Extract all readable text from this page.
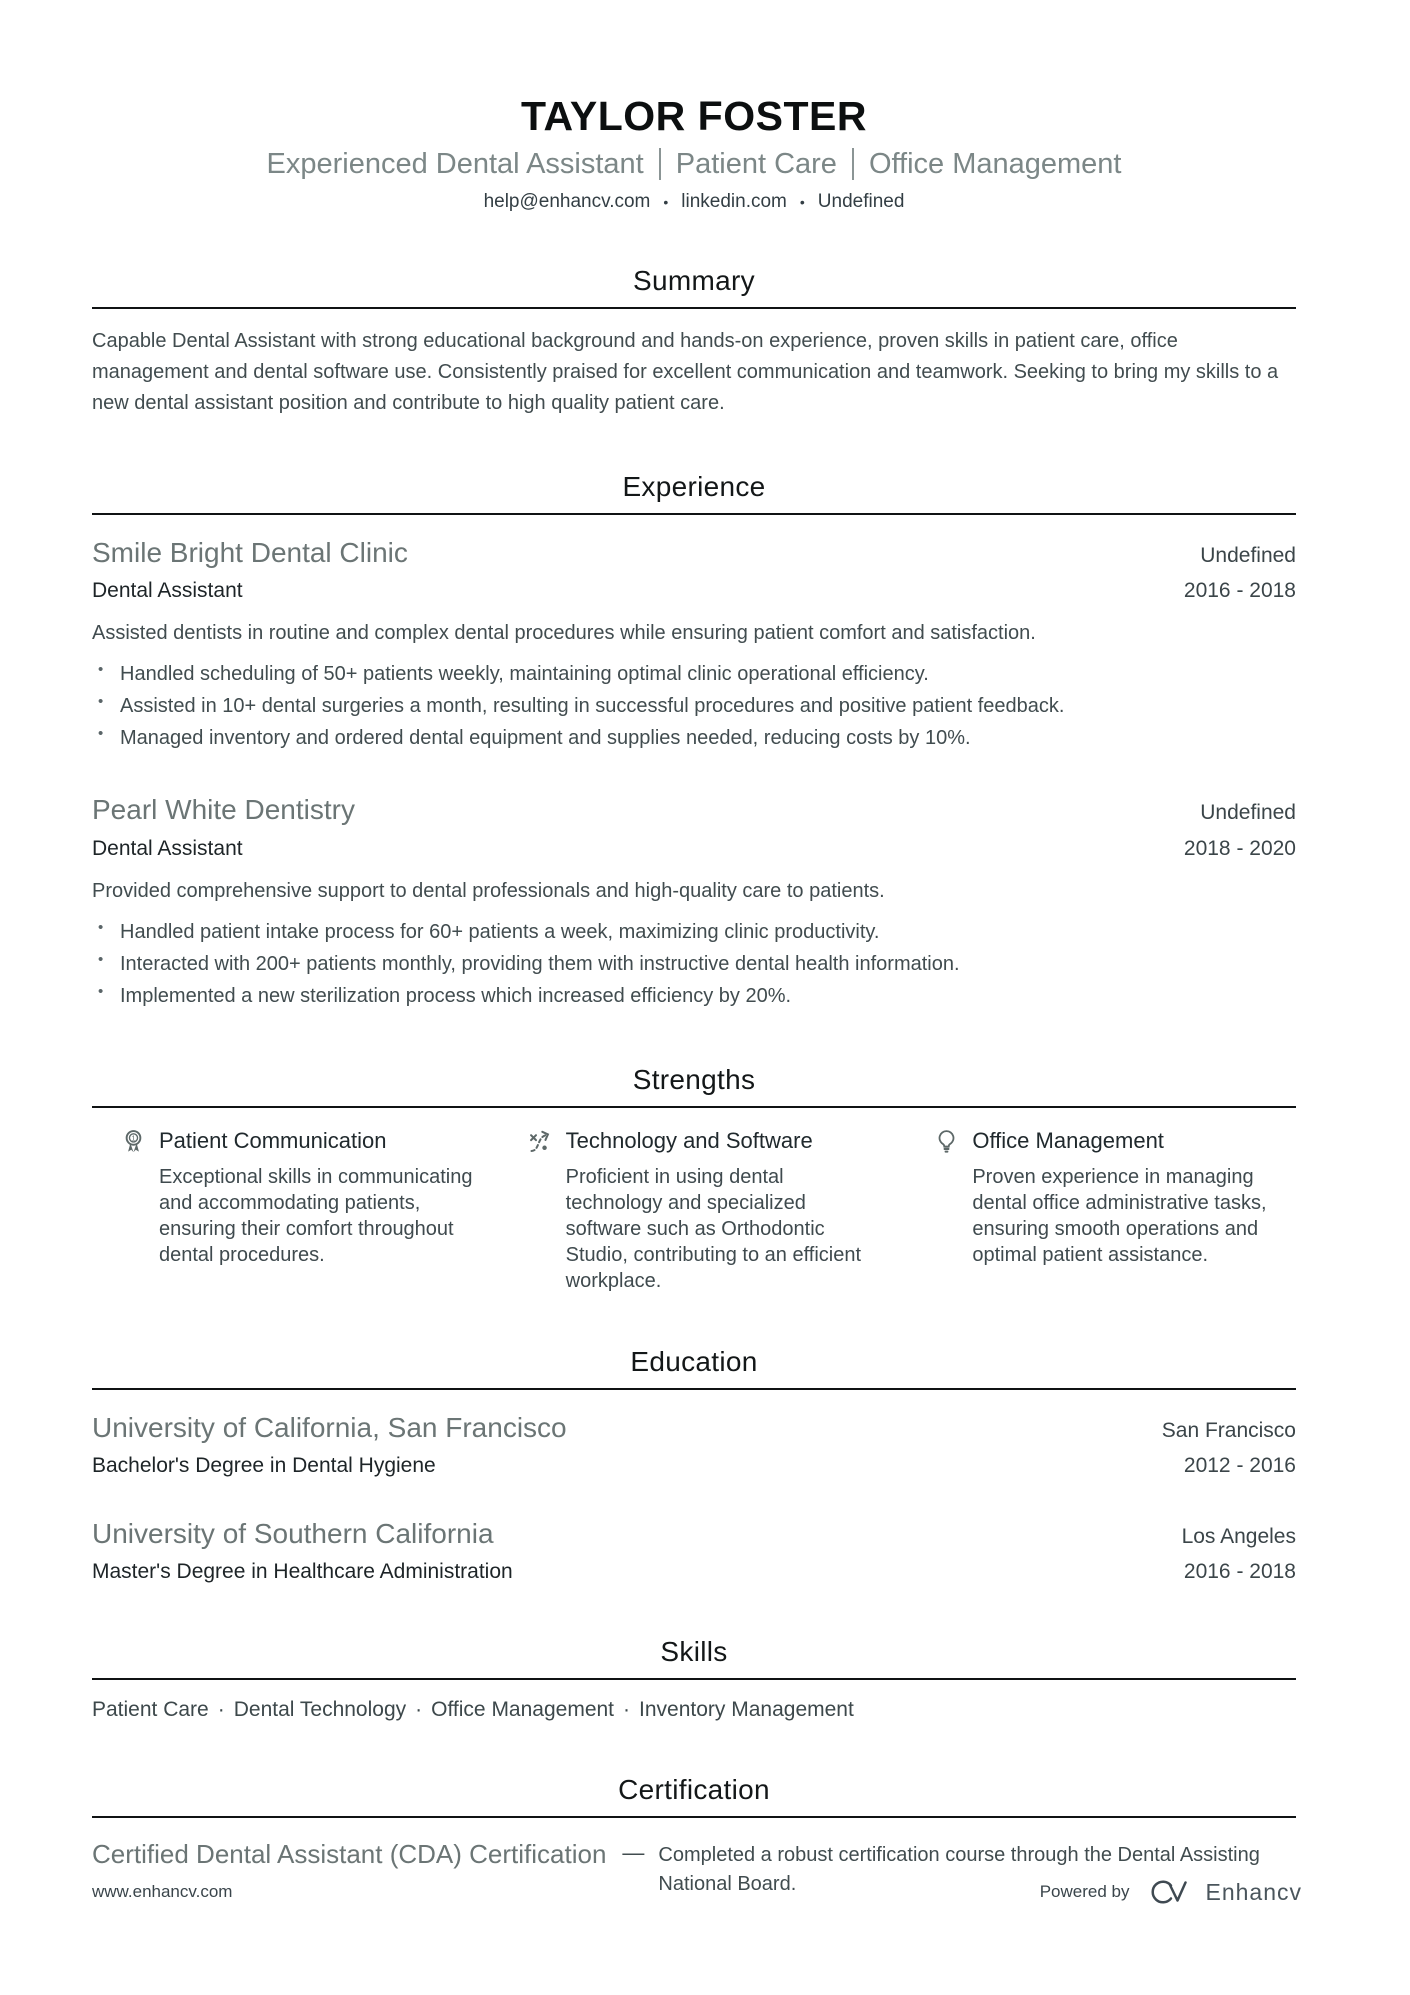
TAYLOR FOSTER
Experienced Dental Assistant Patient Care Office Management
help@enhancv.com • linkedin.com • Undefined
Summary

Capable Dental Assistant with strong educational background and hands-on experience, proven skills in patient care, office management and dental software use. Consistently praised for excellent communication and teamwork. Seeking to bring my skills to a new dental assistant position and contribute to high quality patient care.

Experience
Smile Bright Dental Clinic	Undefined
Dental Assistant	2016 - 2018
Assisted dentists in routine and complex dental procedures while ensuring patient comfort and satisfaction.
• Handled scheduling of 50+ patients weekly, maintaining optimal clinic operational efficiency.
• Assisted in 10+ dental surgeries a month, resulting in successful procedures and positive patient feedback.
• Managed inventory and ordered dental equipment and supplies needed, reducing costs by 10%.
Pearl White Dentistry	Undefined
Dental Assistant	2018 - 2020
Provided comprehensive support to dental professionals and high-quality care to patients.
• Handled patient intake process for 60+ patients a week, maximizing clinic productivity.
• Interacted with 200+ patients monthly, providing them with instructive dental health information.
• Implemented a new sterilization process which increased efficiency by 20%.
Strengths
1 Patient Communication
Exceptional skills in communicating and accommodating patients, ensuring their comfort throughout dental procedures.
Technology and Software
Proficient in using dental technology and specialized software such as Orthodontic Studio, contributing to an efficient workplace.
Office Management
Proven experience in managing dental office administrative tasks, ensuring smooth operations and optimal patient assistance.
Education
University of California, San Francisco	San Francisco
Bachelor's Degree in Dental Hygiene	2012 - 2016
University of Southern California	Los Angeles
Master's Degree in Healthcare Administration	2016 - 2018
Skills
Patient Care · Dental Technology · Office Management · Inventory Management
Certification
Certified Dental Assistant (CDA) Certification — Completed a robust certification course through the Dental Assisting National Board.
www.enhancv.com	Powered by	Enhancv
